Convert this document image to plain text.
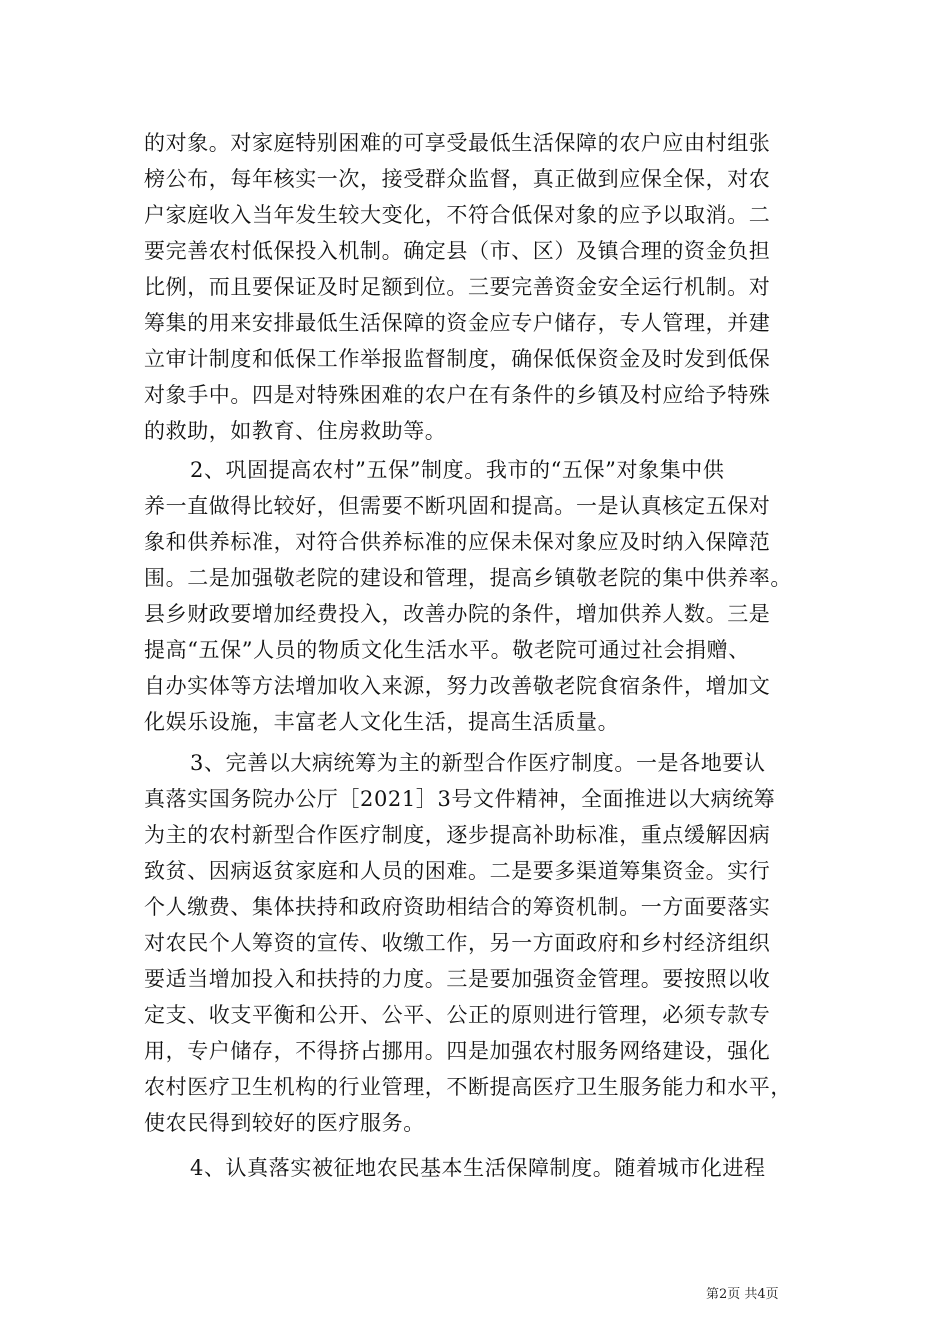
的对象。对家庭特别困难的可享受最低生活保障的农户应由村组张
榜公布，每年核实一次，接受群众监督，真正做到应保全保，对农
户家庭收入当年发生较大变化，不符合低保对象的应予以取消。二
要完善农村低保投入机制。确定县（市、区）及镇合理的资金负担
比例，而且要保证及时足额到位。三要完善资金安全运行机制。对
筹集的用来安排最低生活保障的资金应专户储存，专人管理，并建
立审计制度和低保工作举报监督制度，确保低保资金及时发到低保
对象手中。四是对特殊困难的农户在有条件的乡镇及村应给予特殊
的救助，如教育、住房救助等。
2、巩固提高农村”五保”制度。我市的“五保”对象集中供
养一直做得比较好，但需要不断巩固和提高。一是认真核定五保对
象和供养标准，对符合供养标准的应保未保对象应及时纳入保障范
围。二是加强敬老院的建设和管理，提高乡镇敬老院的集中供养率。
县乡财政要增加经费投入，改善办院的条件，增加供养人数。三是
提高“五保”人员的物质文化生活水平。敬老院可通过社会捐赠、
自办实体等方法增加收入来源，努力改善敬老院食宿条件，增加文
化娱乐设施，丰富老人文化生活，提高生活质量。
3、完善以大病统筹为主的新型合作医疗制度。一是各地要认
真落实国务院办公厅［2021］3号文件精神，全面推进以大病统筹
为主的农村新型合作医疗制度，逐步提高补助标准，重点缓解因病
致贫、因病返贫家庭和人员的困难。二是要多渠道筹集资金。实行
个人缴费、集体扶持和政府资助相结合的筹资机制。一方面要落实
对农民个人筹资的宣传、收缴工作，另一方面政府和乡村经济组织
要适当增加投入和扶持的力度。三是要加强资金管理。要按照以收
定支、收支平衡和公开、公平、公正的原则进行管理，必须专款专
用，专户储存，不得挤占挪用。四是加强农村服务网络建设，强化
农村医疗卫生机构的行业管理，不断提高医疗卫生服务能力和水平，
使农民得到较好的医疗服务。
4、认真落实被征地农民基本生活保障制度。随着城市化进程
第2页 共4页
